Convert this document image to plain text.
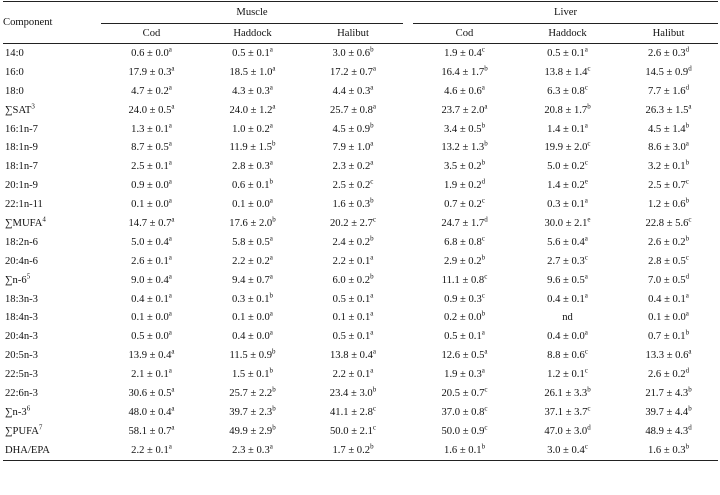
Component	Muscle				Liver		
	Cod	Haddock	Halibut		Cod	Haddock	Halibut
14:0	0.6 ± 0.0$^a$	0.5 ± 0.1$^a$	3.0 ± 0.6$^b$		1.9 ± 0.4$^c$	0.5 ± 0.1$^a$	2.6 ± 0.3$^d$
16:0	17.9 ± 0.3$^a$	18.5 ± 1.0$^a$	17.2 ± 0.7$^a$		16.4 ± 1.7$^b$	13.8 ± 1.4$^c$	14.5 ± 0.9$^d$
18:0	4.7 ± 0.2$^a$	4.3 ± 0.3$^a$	4.4 ± 0.3$^a$		4.6 ± 0.6$^a$	6.3 ± 0.8$^c$	7.7 ± 1.6$^d$
∑SAT$^3$	24.0 ± 0.5$^a$	24.0 ± 1.2$^a$	25.7 ± 0.8$^a$		23.7 ± 2.0$^a$	20.8 ± 1.7$^b$	26.3 ± 1.5$^a$
16:1n-7	1.3 ± 0.1$^a$	1.0 ± 0.2$^a$	4.5 ± 0.9$^b$		3.4 ± 0.5$^b$	1.4 ± 0.1$^a$	4.5 ± 1.4$^b$
18:1n-9	8.7 ± 0.5$^a$	11.9 ± 1.5$^b$	7.9 ± 1.0$^a$		13.2 ± 1.3$^b$	19.9 ± 2.0$^c$	8.6 ± 3.0$^a$
18:1n-7	2.5 ± 0.1$^a$	2.8 ± 0.3$^a$	2.3 ± 0.2$^a$		3.5 ± 0.2$^b$	5.0 ± 0.2$^c$	3.2 ± 0.1$^b$
20:1n-9	0.9 ± 0.0$^a$	0.6 ± 0.1$^b$	2.5 ± 0.2$^c$		1.9 ± 0.2$^d$	1.4 ± 0.2$^e$	2.5 ± 0.7$^c$
22:1n-11	0.1 ± 0.0$^a$	0.1 ± 0.0$^a$	1.6 ± 0.3$^b$		0.7 ± 0.2$^c$	0.3 ± 0.1$^a$	1.2 ± 0.6$^b$
∑MUFA$^4$	14.7 ± 0.7$^a$	17.6 ± 2.0$^b$	20.2 ± 2.7$^c$		24.7 ± 1.7$^d$	30.0 ± 2.1$^e$	22.8 ± 5.6$^c$
18:2n-6	5.0 ± 0.4$^a$	5.8 ± 0.5$^a$	2.4 ± 0.2$^b$		6.8 ± 0.8$^c$	5.6 ± 0.4$^a$	2.6 ± 0.2$^b$
20:4n-6	2.6 ± 0.1$^a$	2.2 ± 0.2$^a$	2.2 ± 0.1$^a$		2.9 ± 0.2$^b$	2.7 ± 0.3$^c$	2.8 ± 0.5$^c$
$\sum n-6^5$	9.0 ± 0.4$^a$	9.4 ± 0.7$^a$	6.0 ± 0.2$^b$		11.1 ± 0.8$^c$	9.6 ± 0.5$^a$	7.0 ± 0.5$^d$
18:3n-3	0.4 ± 0.1$^a$	0.3 ± 0.1$^b$	0.5 ± 0.1$^a$		0.9 ± 0.3$^c$	0.4 ± 0.1$^a$	0.4 ± 0.1$^a$
18:4n-3	0.1 ± 0.0$^a$	0.1 ± 0.0$^a$	0.1 ± 0.1$^a$		0.2 ± 0.0$^b$	nd	0.1 ± 0.0$^a$
20:4n-3	0.5 ± 0.0$^a$	0.4 ± 0.0$^a$	0.5 ± 0.1$^a$		0.5 ± 0.1$^a$	0.4 ± 0.0$^a$	0.7 ± 0.1$^b$
20:5n-3	13.9 ± 0.4$^a$	11.5 ± 0.9$^b$	13.8 ± 0.4$^a$		12.6 ± 0.5$^a$	8.8 ± 0.6$^c$	13.3 ± 0.6$^a$
22:5n-3	2.1 ± 0.1$^a$	1.5 ± 0.1$^b$	2.2 ± 0.1$^a$		1.9 ± 0.3$^a$	1.2 ± 0.1$^c$	2.6 ± 0.2$^d$
22:6n-3	30.6 ± 0.5$^a$	25.7 ± 2.2$^b$	23.4 ± 3.0$^b$		20.5 ± 0.7$^c$	26.1 ± 3.3$^b$	21.7 ± 4.3$^b$
$\sum n-3^6$	48.0 ± 0.4$^a$	39.7 ± 2.3$^b$	41.1 ± 2.8$^c$		37.0 ± 0.8$^c$	37.1 ± 3.7$^c$	39.7 ± 4.4$^b$
∑PUFA$^7$	58.1 ± 0.7$^a$	49.9 ± 2.9$^b$	50.0 ± 2.1$^c$		50.0 ± 0.9$^c$	47.0 ± 3.0$^d$	48.9 ± 4.3$^d$
DHA/EPA	2.2 ± 0.1$^a$	2.3 ± 0.3$^a$	1.7 ± 0.2$^b$		1.6 ± 0.1$^b$	3.0 ± 0.4$^c$	1.6 ± 0.3$^b$
